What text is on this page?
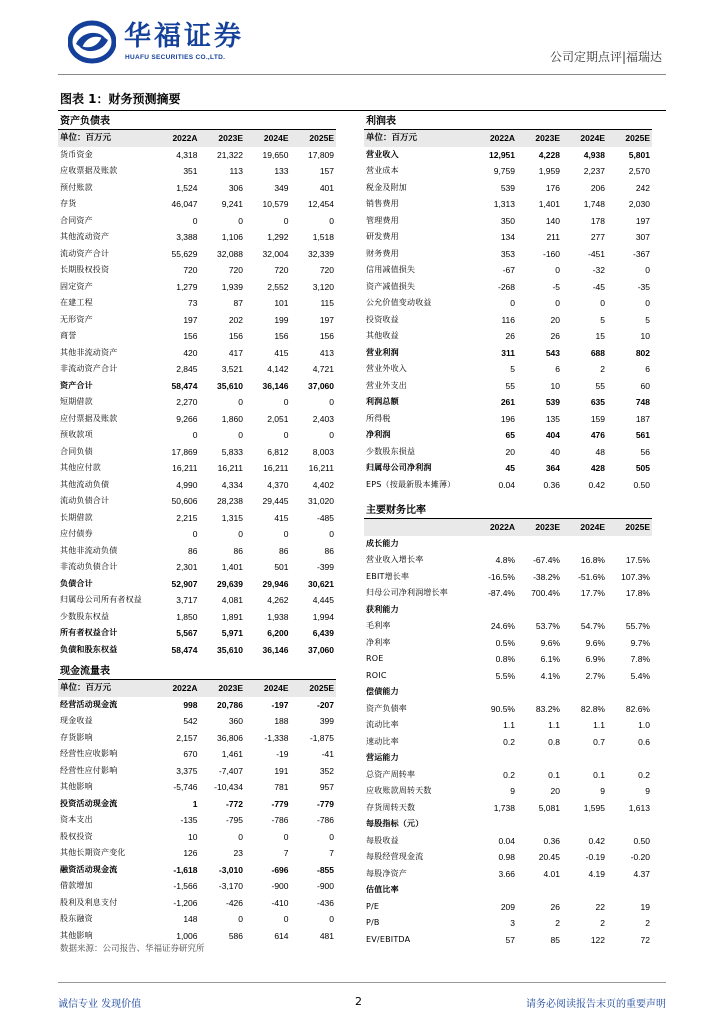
华福证券
HUAFU SECURITIES CO.,LTD.	公司定期点评|福瑞达
图表 1：财务预测摘要
资产负债表
单位：百万元	2022A	2023E	2024E	2025E
货币资金	4,318	21,322	19,650	17,809
应收票据及账款	351	113	133	157
预付账款	1,524	306	349	401
存货	46,047	9,241	10,579	12,454
合同资产	0	0	0	0
其他流动资产	3,388	1,106	1,292	1,518
流动资产合计	55,629	32,088	32,004	32,339
长期股权投资	720	720	720	720
固定资产	1,279	1,939	2,552	3,120
在建工程	73	87	101	115
无形资产	197	202	199	197
商誉	156	156	156	156
其他非流动资产	420	417	415	413
非流动资产合计	2,845	3,521	4,142	4,721
资产合计	58,474	35,610	36,146	37,060
短期借款	2,270	0	0	0
应付票据及账款	9,266	1,860	2,051	2,403
预收款项	0	0	0	0
合同负债	17,869	5,833	6,812	8,003
其他应付款	16,211	16,211	16,211	16,211
其他流动负债	4,990	4,334	4,370	4,402
流动负债合计	50,606	28,238	29,445	31,020
长期借款	2,215	1,315	415	-485
应付债券	0	0	0	0
其他非流动负债	86	86	86	86
非流动负债合计	2,301	1,401	501	-399
负债合计	52,907	29,639	29,946	30,621
归属母公司所有者权益	3,717	4,081	4,262	4,445
少数股东权益	1,850	1,891	1,938	1,994
所有者权益合计	5,567	5,971	6,200	6,439
负债和股东权益	58,474	35,610	36,146	37,060
现金流量表
单位：百万元	2022A	2023E	2024E	2025E
经营活动现金流	998	20,786	-197	-207
现金收益	542	360	188	399
存货影响	2,157	36,806	-1,338	-1,875
经营性应收影响	670	1,461	-19	-41
经营性应付影响	3,375	-7,407	191	352
其他影响	-5,746	-10,434	781	957
投资活动现金流	1	-772	-779	-779
资本支出	-135	-795	-786	-786
股权投资	10	0	0	0
其他长期资产变化	126	23	7	7
融资活动现金流	-1,618	-3,010	-696	-855
借款增加	-1,566	-3,170	-900	-900
股利及利息支付	-1,206	-426	-410	-436
股东融资	148	0	0	0
其他影响	1,006	586	614	481
利润表
单位：百万元	2022A	2023E	2024E	2025E
营业收入	12,951	4,228	4,938	5,801
营业成本	9,759	1,959	2,237	2,570
税金及附加	539	176	206	242
销售费用	1,313	1,401	1,748	2,030
管理费用	350	140	178	197
研发费用	134	211	277	307
财务费用	353	-160	-451	-367
信用减值损失	-67	0	-32	0
资产减值损失	-268	-5	-45	-35
公允价值变动收益	0	0	0	0
投资收益	116	20	5	5
其他收益	26	26	15	10
营业利润	311	543	688	802
营业外收入	5	6	2	6
营业外支出	55	10	55	60
利润总额	261	539	635	748
所得税	196	135	159	187
净利润	65	404	476	561
少数股东损益	20	40	48	56
归属母公司净利润	45	364	428	505
EPS（按最新股本摊薄）	0.04	0.36	0.42	0.50
主要财务比率
	2022A	2023E	2024E	2025E
成长能力				
营业收入增长率	4.8%	-67.4%	16.8%	17.5%
EBIT增长率	-16.5%	-38.2%	-51.6%	107.3%
归母公司净利润增长率	-87.4%	700.4%	17.7%	17.8%
获利能力				
毛利率	24.6%	53.7%	54.7%	55.7%
净利率	0.5%	9.6%	9.6%	9.7%
ROE	0.8%	6.1%	6.9%	7.8%
ROIC	5.5%	4.1%	2.7%	5.4%
偿债能力				
资产负债率	90.5%	83.2%	82.8%	82.6%
流动比率	1.1	1.1	1.1	1.0
速动比率	0.2	0.8	0.7	0.6
营运能力				
总资产周转率	0.2	0.1	0.1	0.2
应收账款周转天数	9	20	9	9
存货周转天数	1,738	5,081	1,595	1,613
每股指标（元）				
每股收益	0.04	0.36	0.42	0.50
每股经营现金流	0.98	20.45	-0.19	-0.20
每股净资产	3.66	4.01	4.19	4.37
估值比率				
P/E	209	26	22	19
P/B	3	2	2	2
EV/EBITDA	57	85	122	72
数据来源：公司报告、华福证券研究所
诚信专业 发现价值	2	请务必阅读报告末页的重要声明
